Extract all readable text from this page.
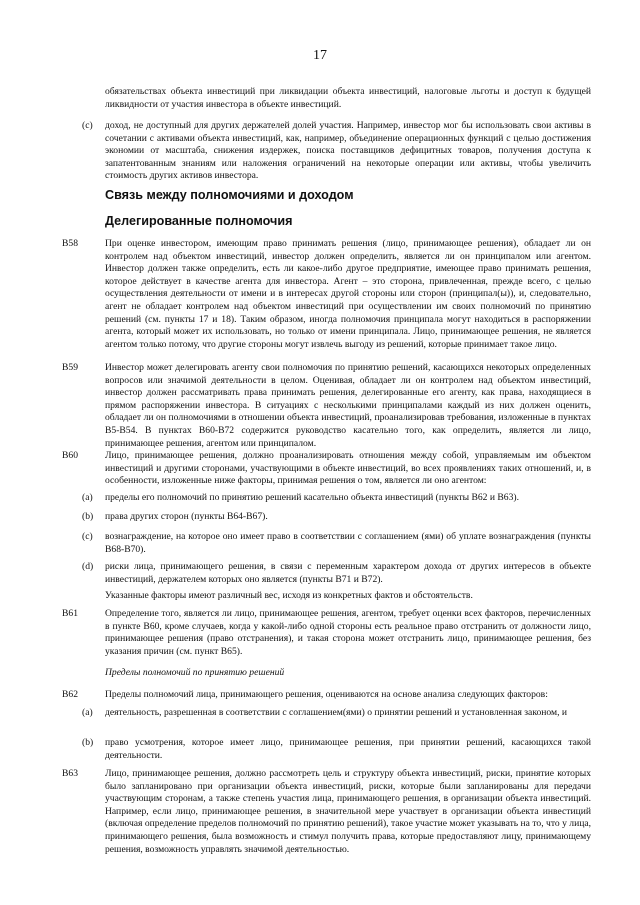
17
обязательствах объекта инвестиций при ликвидации объекта инвестиций, налоговые льготы и доступ к будущей ликвидности от участия инвестора в объекте инвестиций.
(c) доход, не доступный для других держателей долей участия. Например, инвестор мог бы использовать свои активы в сочетании с активами объекта инвестиций, как, например, объединение операционных функций с целью достижения экономии от масштаба, снижения издержек, поиска поставщиков дефицитных товаров, получения доступа к запатентованным знаниям или наложения ограничений на некоторые операции или активы, чтобы увеличить стоимость других активов инвестора.
Связь между полномочиями и доходом
Делегированные полномочия
B58	При оценке инвестором, имеющим право принимать решения (лицо, принимающее решения), обладает ли он контролем над объектом инвестиций, инвестор должен определить, является ли он принципалом или агентом. Инвестор должен также определить, есть ли какое-либо другое предприятие, имеющее право принимать решения, которое действует в качестве агента для инвестора. Агент – это сторона, привлеченная, прежде всего, с целью осуществления деятельности от имени и в интересах другой стороны или сторон (принципал(ы)), и, следовательно, агент не обладает контролем над объектом инвестиций при осуществлении им своих полномочий по принятию решений (см. пункты 17 и 18). Таким образом, иногда полномочия принципала могут находиться в распоряжении агента, который может их использовать, но только от имени принципала. Лицо, принимающее решения, не является агентом только потому, что другие стороны могут извлечь выгоду из решений, которые принимает такое лицо.
B59	Инвестор может делегировать агенту свои полномочия по принятию решений, касающихся некоторых определенных вопросов или значимой деятельности в целом. Оценивая, обладает ли он контролем над объектом инвестиций, инвестор должен рассматривать права принимать решения, делегированные его агенту, как права, находящиеся в прямом распоряжении инвестора. В ситуациях с несколькими принципалами каждый из них должен оценить, обладает ли он полномочиями в отношении объекта инвестиций, проанализировав требования, изложенные в пунктах B5-B54. В пунктах B60-B72 содержится руководство касательно того, как определить, является ли лицо, принимающее решения, агентом или принципалом.
B60	Лицо, принимающее решения, должно проанализировать отношения между собой, управляемым им объектом инвестиций и другими сторонами, участвующими в объекте инвестиций, во всех проявлениях таких отношений, и, в особенности, изложенные ниже факторы, принимая решения о том, является ли оно агентом:
(a) пределы его полномочий по принятию решений касательно объекта инвестиций (пункты B62 и B63).
(b) права других сторон (пункты B64-B67).
(c) вознаграждение, на которое оно имеет право в соответствии с соглашением (ями) об уплате вознаграждения (пункты B68-B70).
(d) риски лица, принимающего решения, в связи с переменным характером дохода от других интересов в объекте инвестиций, держателем которых оно является (пункты B71 и B72).
Указанные факторы имеют различный вес, исходя из конкретных фактов и обстоятельств.
B61	Определение того, является ли лицо, принимающее решения, агентом, требует оценки всех факторов, перечисленных в пункте B60, кроме случаев, когда у какой-либо одной стороны есть реальное право отстранить от должности лицо, принимающее решения (право отстранения), и такая сторона может отстранить лицо, принимающее решения, без указания причин (см. пункт B65).
Пределы полномочий по принятию решений
B62	Пределы полномочий лица, принимающего решения, оцениваются на основе анализа следующих факторов:
(a) деятельность, разрешенная в соответствии с соглашением(ями) о принятии решений и установленная законом, и
(b) право усмотрения, которое имеет лицо, принимающее решения, при принятии решений, касающихся такой деятельности.
B63	Лицо, принимающее решения, должно рассмотреть цель и структуру объекта инвестиций, риски, принятие которых было запланировано при организации объекта инвестиций, риски, которые были запланированы для передачи участвующим сторонам, а также степень участия лица, принимающего решения, в организации объекта инвестиций. Например, если лицо, принимающее решения, в значительной мере участвует в организации объекта инвестиций (включая определение пределов полномочий по принятию решений), такое участие может указывать на то, что у лица, принимающего решения, была возможность и стимул получить права, которые предоставляют лицу, принимающему решения, возможность управлять значимой деятельностью.
